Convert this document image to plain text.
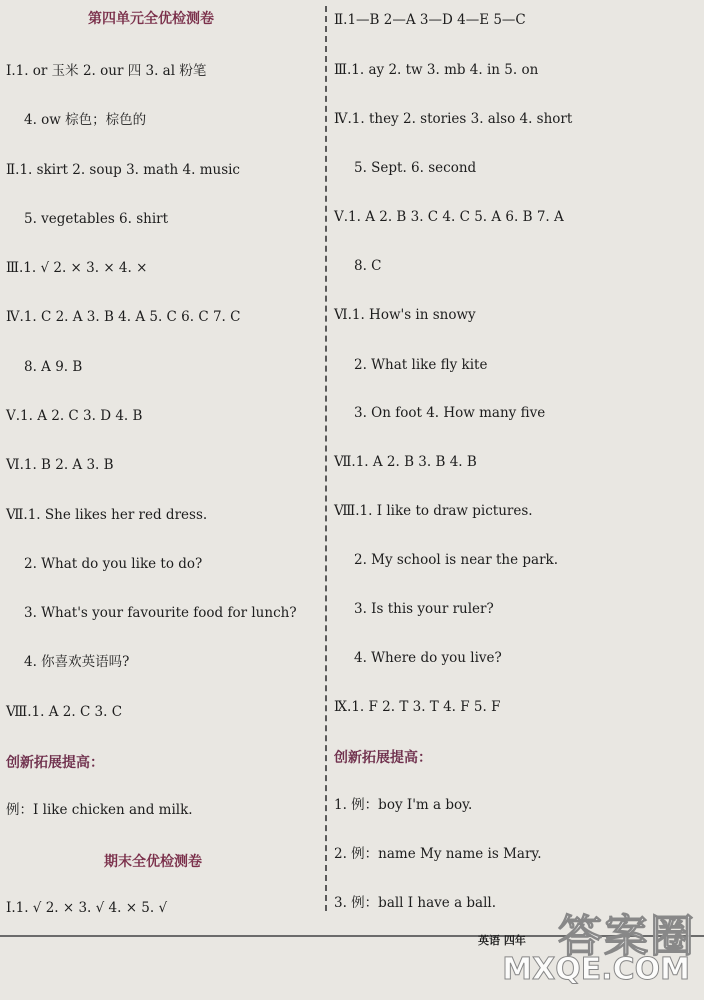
第四单元全优检测卷
Ⅰ.1. or 玉米 2. our 四 3. al 粉笔
4. ow 棕色；棕色的
Ⅱ.1. skirt 2. soup 3. math 4. music
5. vegetables 6. shirt
Ⅲ.1. √ 2. × 3. × 4. ×
Ⅳ.1. C 2. A 3. B 4. A 5. C 6. C 7. C
8. A 9. B
Ⅴ.1. A 2. C 3. D 4. B
Ⅵ.1. B 2. A 3. B
Ⅶ.1. She likes her red dress.
2. What do you like to do?
3. What's your favourite food for lunch?
4. 你喜欢英语吗?
Ⅷ.1. A 2. C 3. C
创新拓展提高：
例：I like chicken and milk.
期末全优检测卷
Ⅰ.1. √ 2. × 3. √ 4. × 5. √
Ⅱ.1—B 2—A 3—D 4—E 5—C
Ⅲ.1. ay 2. tw 3. mb 4. in 5. on
Ⅳ.1. they 2. stories 3. also 4. short
5. Sept. 6. second
Ⅴ.1. A 2. B 3. C 4. C 5. A 6. B 7. A
8. C
Ⅵ.1. How's in snowy
2. What like fly kite
3. On foot 4. How many five
Ⅶ.1. A 2. B 3. B 4. B
Ⅷ.1. I like to draw pictures.
2. My school is near the park.
3. Is this your ruler?
4. Where do you live?
Ⅸ.1. F 2. T 3. T 4. F 5. F
创新拓展提高：
1. 例：boy I'm a boy.
2. 例：name My name is Mary.
3. 例：ball I have a ball.
英语 四年 答案圈
MXQE.COM
